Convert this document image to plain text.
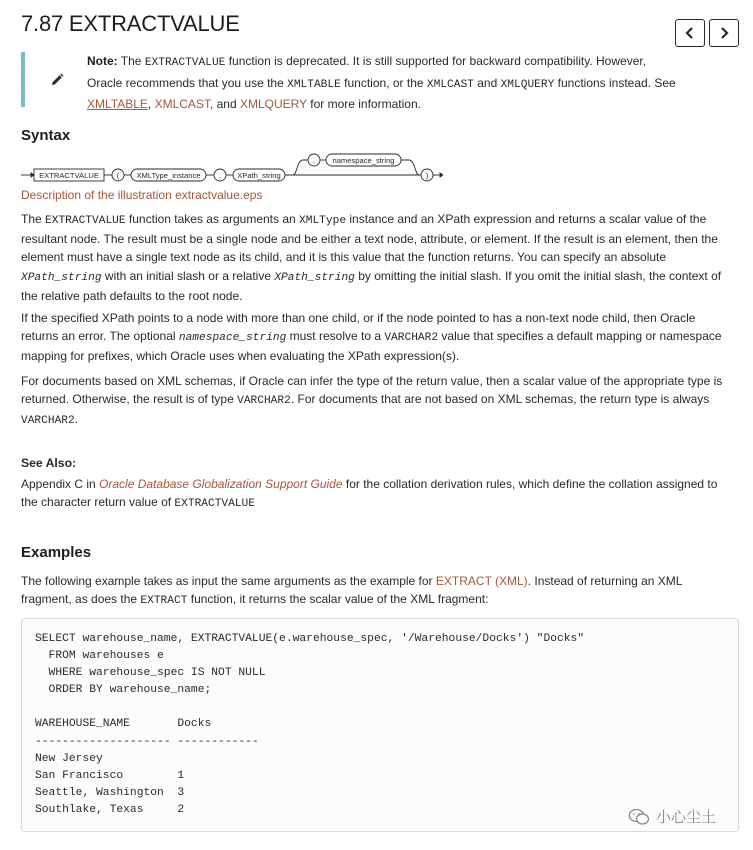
7.87 EXTRACTVALUE
Note: The EXTRACTVALUE function is deprecated. It is still supported for backward compatibility. However,
Oracle recommends that you use the XMLTABLE function, or the XMLCAST and XMLQUERY functions instead. See
XMLTABLE, XMLCAST, and XMLQUERY for more information.
Syntax
EXTRACTVALUE ( XMLType_instance , XPath_string
, namespace_string
)
Description of the illustration extractvalue.eps
The EXTRACTVALUE function takes as arguments an XMLType instance and an XPath expression and returns a scalar value of the resultant node. The result must be a single node and be either a text node, attribute, or element. If the result is an element, then the element must have a single text node as its child, and it is this value that the function returns. You can specify an absolute XPath_string with an initial slash or a relative XPath_string by omitting the initial slash. If you omit the initial slash, the context of the relative path defaults to the root node.
If the specified XPath points to a node with more than one child, or if the node pointed to has a non-text node child, then Oracle returns an error. The optional namespace_string must resolve to a VARCHAR2 value that specifies a default mapping or namespace mapping for prefixes, which Oracle uses when evaluating the XPath expression(s).
For documents based on XML schemas, if Oracle can infer the type of the return value, then a scalar value of the appropriate type is returned. Otherwise, the result is of type VARCHAR2. For documents that are not based on XML schemas, the return type is always VARCHAR2.
See Also:
Appendix C in Oracle Database Globalization Support Guide for the collation derivation rules, which define the collation assigned to the character return value of EXTRACTVALUE
Examples
The following example takes as input the same arguments as the example for EXTRACT (XML). Instead of returning an XML fragment, as does the EXTRACT function, it returns the scalar value of the XML fragment:
SELECT warehouse_name, EXTRACTVALUE(e.warehouse_spec, '/Warehouse/Docks') "Docks"
FROM warehouses e
WHERE warehouse_spec IS NOT NULL
ORDER BY warehouse_name;

WAREHOUSE_NAME       Docks
-------------------- ------------
New Jersey
San Francisco        1
Seattle, Washington  3
Southlake, Texas     2	小心尘土
